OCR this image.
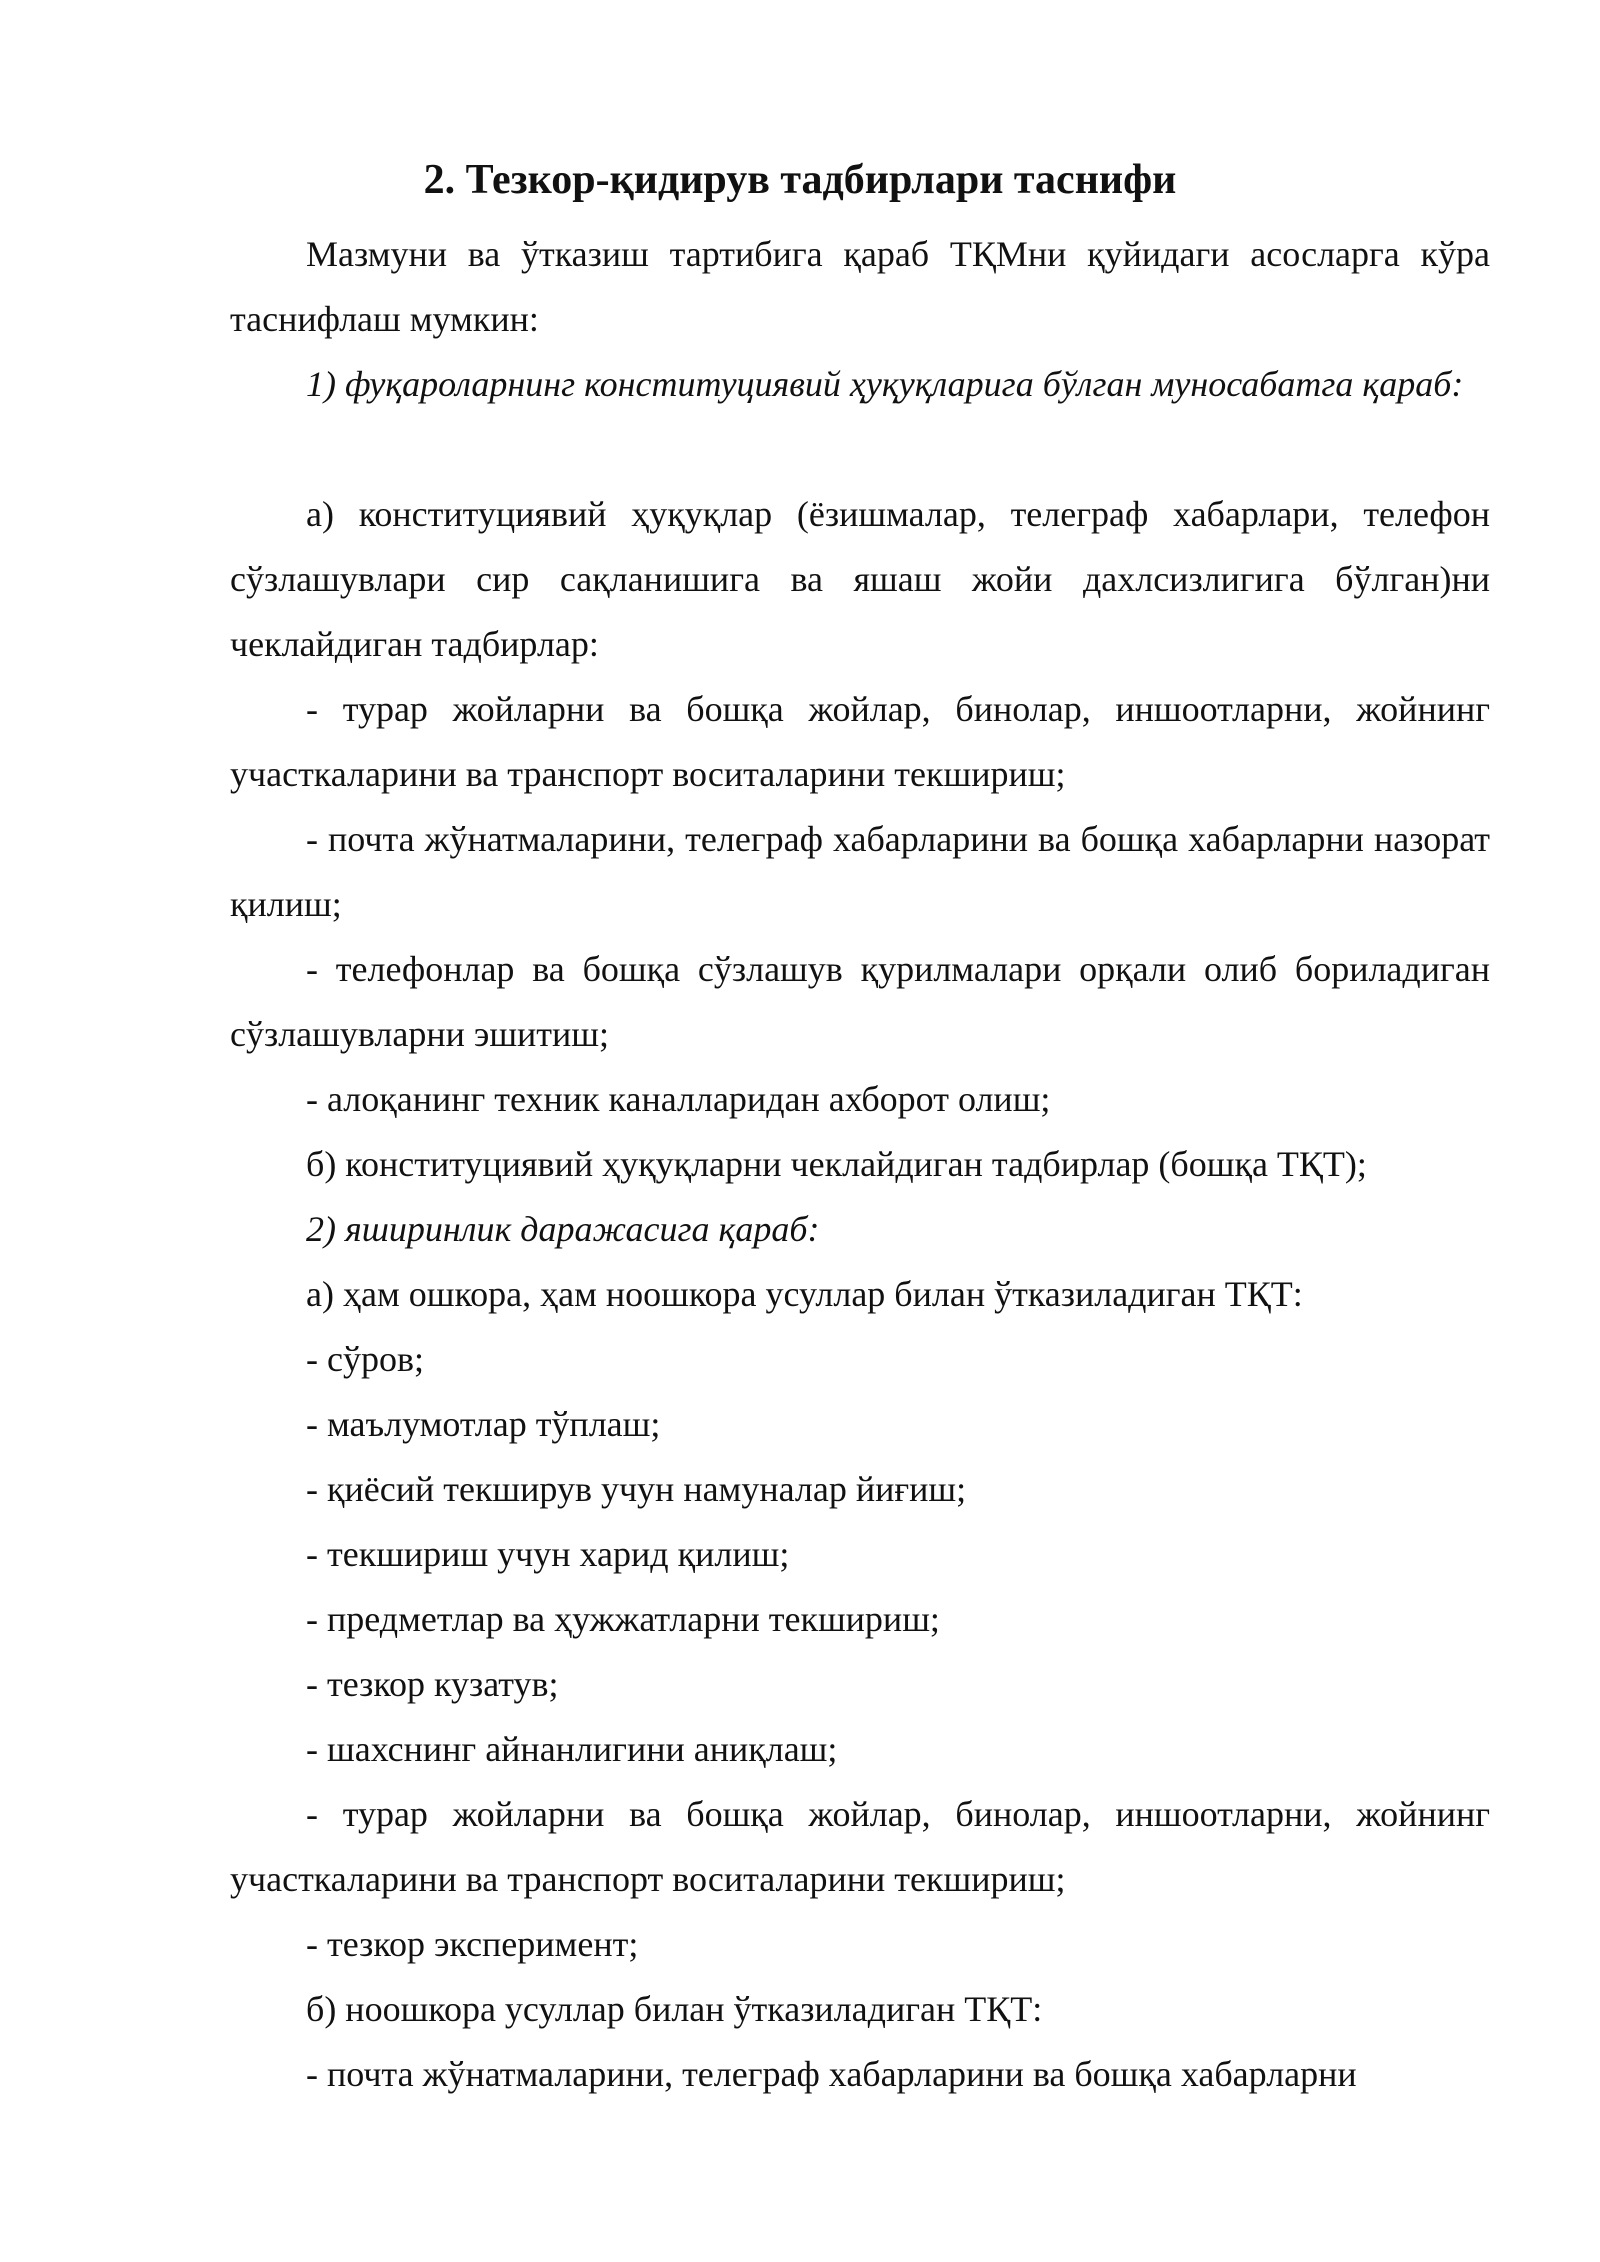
2. Тезкор-қидирув тадбирлари таснифи

Мазмуни ва ўтказиш тартибига қараб ТҚМни қуйидаги асосларга кўра таснифлаш мумкин:

1) фуқароларнинг конституциявий ҳуқуқларига бўлган муносабатга қараб:

а) конституциявий ҳуқуқлар (ёзишмалар, телеграф хабарлари, телефон сўзлашувлари сир сақланишига ва яшаш жойи дахлсизлигига бўлган)ни чеклайдиган тадбирлар:

- турар жойларни ва бошқа жойлар, бинолар, иншоотларни, жойнинг участкаларини ва транспорт воситаларини текшириш;

- почта жўнатмаларини, телеграф хабарларини ва бошқа хабарларни назорат қилиш;

- телефонлар ва бошқа сўзлашув қурилмалари орқали олиб бориладиган сўзлашувларни эшитиш;

- алоқанинг техник каналларидан ахборот олиш;

б) конституциявий ҳуқуқларни чеклайдиган тадбирлар (бошқа ТҚТ);

2) яширинлик даражасига қараб:

а) ҳам ошкора, ҳам ноошкора усуллар билан ўтказиладиган ТҚТ:

- сўров;

- маълумотлар тўплаш;

- қиёсий текширув учун намуналар йиғиш;

- текшириш учун харид қилиш;

- предметлар ва ҳужжатларни текшириш;

- тезкор кузатув;

- шахснинг айнанлигини аниқлаш;

- турар жойларни ва бошқа жойлар, бинолар, иншоотларни, жойнинг участкаларини ва транспорт воситаларини текшириш;

- тезкор эксперимент;

б) ноошкора усуллар билан ўтказиладиган ТҚТ:

- почта жўнатмаларини, телеграф хабарларини ва бошқа хабарларни
